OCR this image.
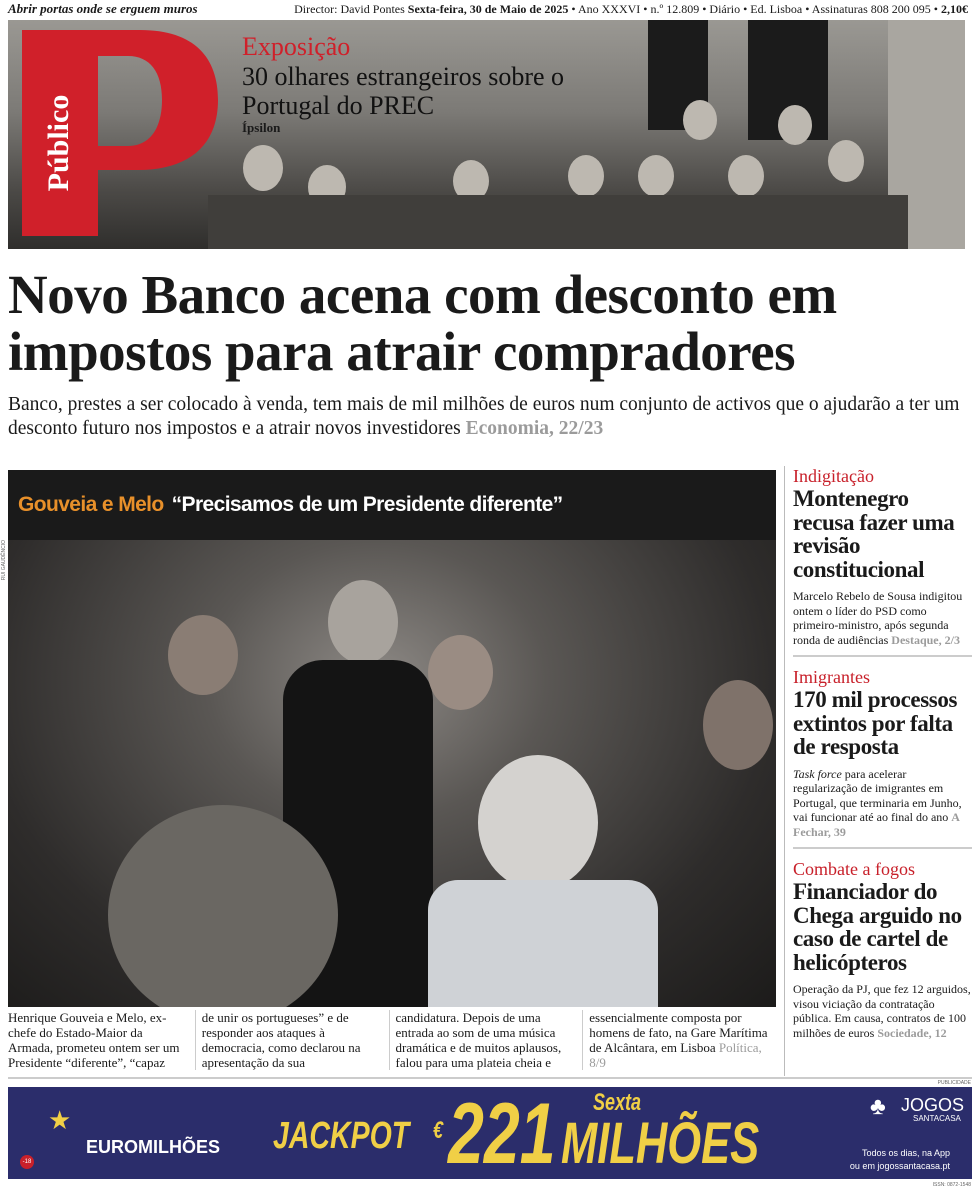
Abrir portas onde se erguem muros	Director: David Pontes Sexta-feira, 30 de Maio de 2025 • Ano XXXVI • n.º 12.809 • Diário • Ed. Lisboa • Assinaturas 808 200 095 • 2,10€
Público
Exposição
30 olhares estrangeiros sobre o Portugal do PREC
Ípsilon
Novo Banco acena com desconto em
impostos para atrair compradores
Banco, prestes a ser colocado à venda, tem mais de mil milhões de euros num conjunto de activos que o ajudarão a ter um desconto futuro nos impostos e a atrair novos investidores Economia, 22/23
RUI GAUDÊNCIO
Gouveia e Melo “Precisamos de um Presidente diferente”
Henrique Gouveia e Melo, ex-chefe do Estado-Maior da Armada, prometeu ontem ser um Presidente “diferente”, “capaz
de unir os portugueses” e de responder aos ataques à democracia, como declarou na apresentação da sua
candidatura. Depois de uma entrada ao som de uma música dramática e de muitos aplausos, falou para uma plateia cheia e
essencialmente composta por homens de fato, na Gare Marítima de Alcântara, em Lisboa Política, 8/9
Indigitação
Montenegro recusa fazer uma revisão constitucional
Marcelo Rebelo de Sousa indigitou ontem o líder do PSD como primeiro-ministro, após segunda ronda de audiências Destaque, 2/3
Imigrantes
170 mil processos extintos por falta de resposta
Task force para acelerar regularização de imigrantes em Portugal, que terminaria em Junho, vai funcionar até ao final do ano A Fechar, 39
Combate a fogos
Financiador do Chega arguido no caso de cartel de helicópteros
Operação da PJ, que fez 12 arguidos, visou viciação da contratação pública. Em causa, contratos de 100 milhões de euros Sociedade, 12
PUBLICIDADE
★
EUROMILHÕES
-18
JACKPOT € 221 Sexta
MILHÕES
♣ JOGOS
SANTACASA
Todos os dias, na App
ou em jogossantacasa.pt
ISSN: 0872-1548
